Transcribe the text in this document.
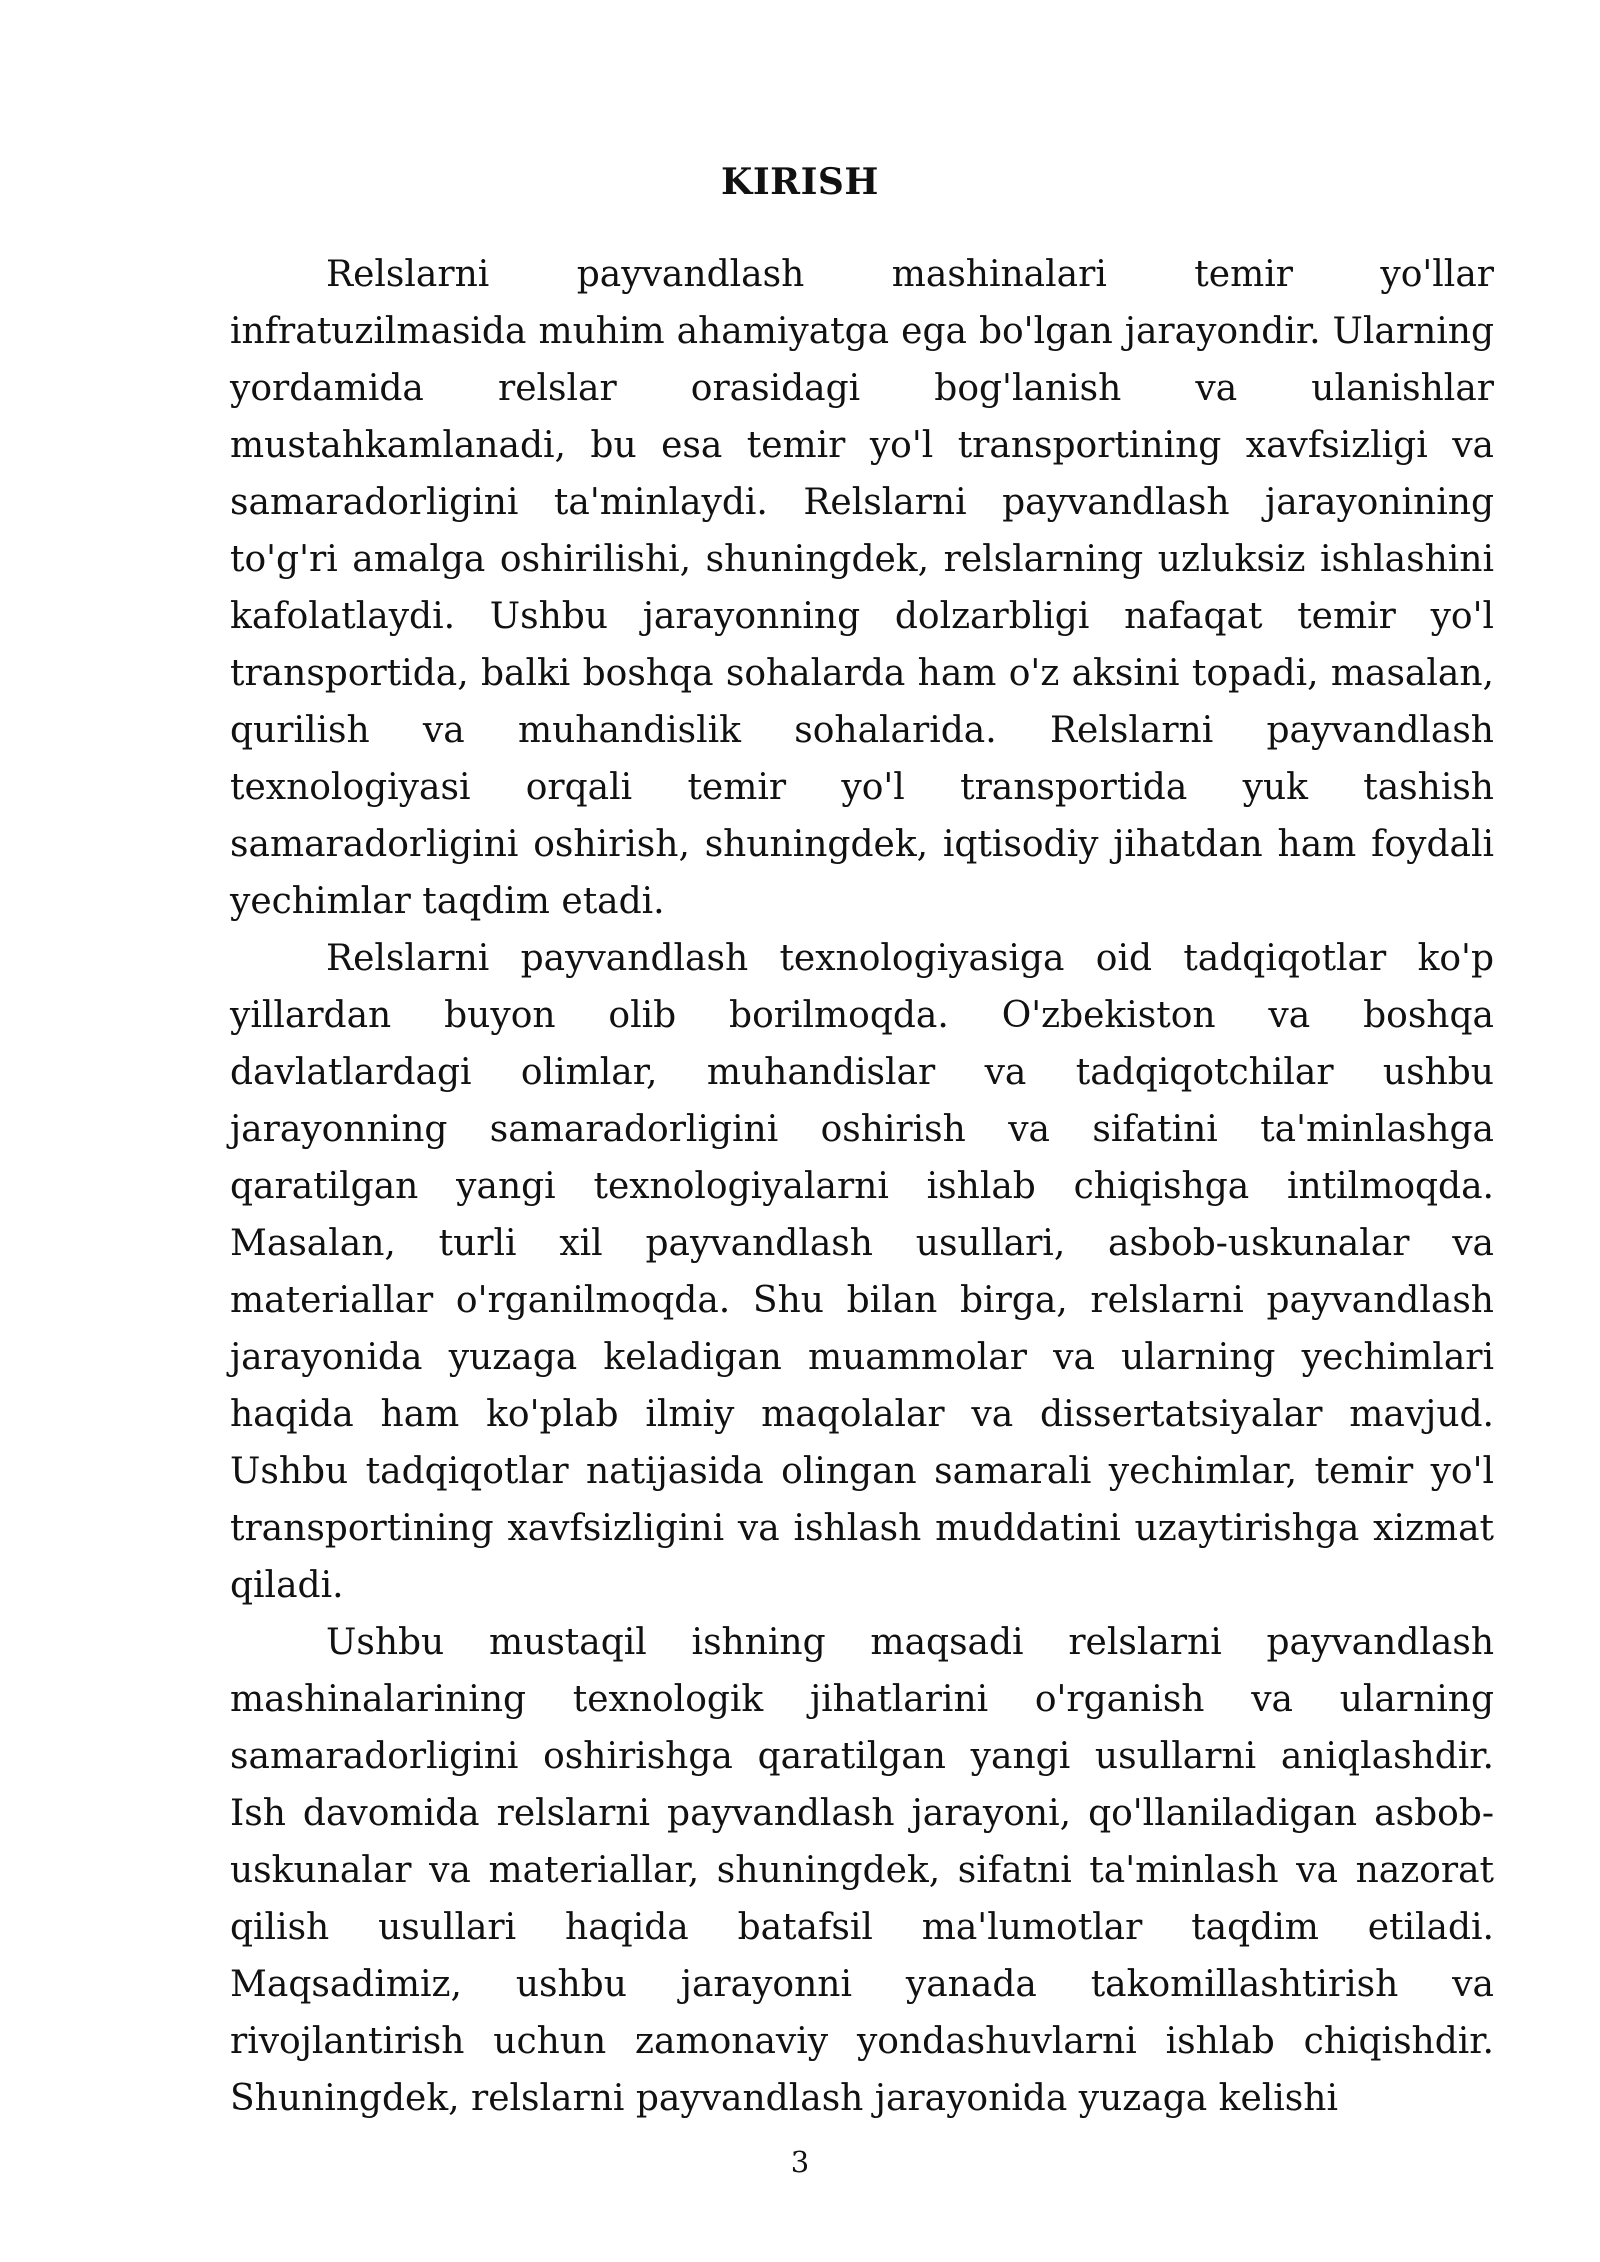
KIRISH

Relslarni payvandlash mashinalari temir yo'llar infratuzilmasida muhim ahamiyatga ega bo'lgan jarayondir. Ularning yordamida relslar orasidagi bog'lanish va ulanishlar mustahkamlanadi, bu esa temir yo'l transportining xavfsizligi va samaradorligini ta'minlaydi. Relslarni payvandlash jarayonining to'g'ri amalga oshirilishi, shuningdek, relslarning uzluksiz ishlashini kafolatlaydi. Ushbu jarayonning dolzarbligi nafaqat temir yo'l transportida, balki boshqa sohalarda ham o'z aksini topadi, masalan, qurilish va muhandislik sohalarida. Relslarni payvandlash texnologiyasi orqali temir yo'l transportida yuk tashish samaradorligini oshirish, shuningdek, iqtisodiy jihatdan ham foydali yechimlar taqdim etadi.

Relslarni payvandlash texnologiyasiga oid tadqiqotlar ko'p yillardan buyon olib borilmoqda. O'zbekiston va boshqa davlatlardagi olimlar, muhandislar va tadqiqotchilar ushbu jarayonning samaradorligini oshirish va sifatini ta'minlashga qaratilgan yangi texnologiyalarni ishlab chiqishga intilmoqda. Masalan, turli xil payvandlash usullari, asbob-uskunalar va materiallar o'rganilmoqda. Shu bilan birga, relslarni payvandlash jarayonida yuzaga keladigan muammolar va ularning yechimlari haqida ham ko'plab ilmiy maqolalar va dissertatsiyalar mavjud. Ushbu tadqiqotlar natijasida olingan samarali yechimlar, temir yo'l transportining xavfsizligini va ishlash muddatini uzaytirishga xizmat qiladi.

Ushbu mustaqil ishning maqsadi relslarni payvandlash mashinalarining texnologik jihatlarini o'rganish va ularning samaradorligini oshirishga qaratilgan yangi usullarni aniqlashdir. Ish davomida relslarni payvandlash jarayoni, qo'llaniladigan asbob-uskunalar va materiallar, shuningdek, sifatni ta'minlash va nazorat qilish usullari haqida batafsil ma'lumotlar taqdim etiladi. Maqsadimiz, ushbu jarayonni yanada takomillashtirish va rivojlantirish uchun zamonaviy yondashuvlarni ishlab chiqishdir. Shuningdek, relslarni payvandlash jarayonida yuzaga kelishi

3
